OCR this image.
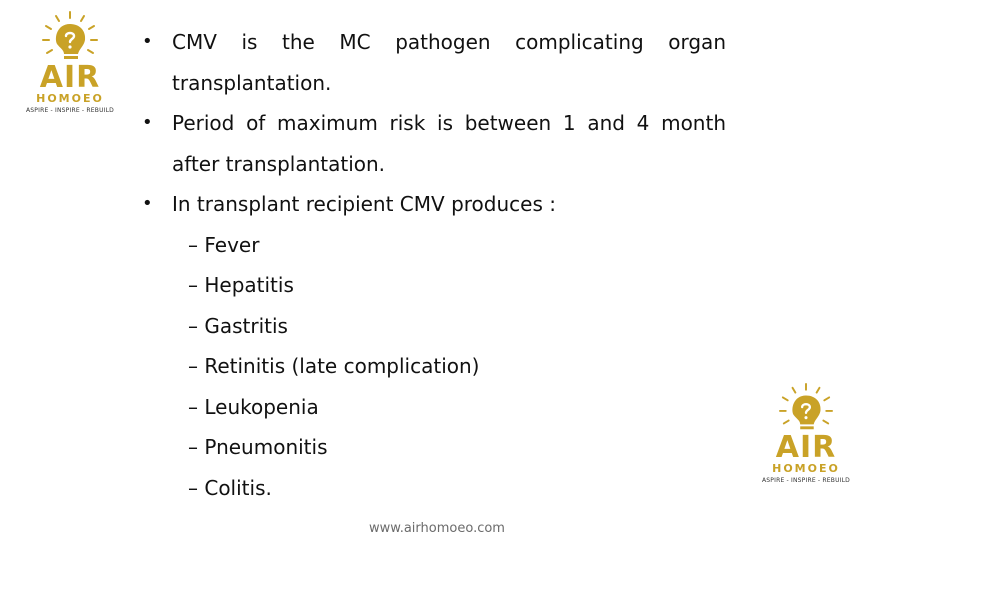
AIR
HOMOEO
ASPIRE - INSPIRE - REBUILD
• CMV is the MC pathogen complicating organ transplantation.
• Period of maximum risk is between 1 and 4 month after transplantation.
• In transplant recipient CMV produces :
– Fever
– Hepatitis
– Gastritis
– Retinitis (late complication)
– Leukopenia
– Pneumonitis
– Colitis.
AIR
HOMOEO
ASPIRE - INSPIRE - REBUILD
www.airhomoeo.com
